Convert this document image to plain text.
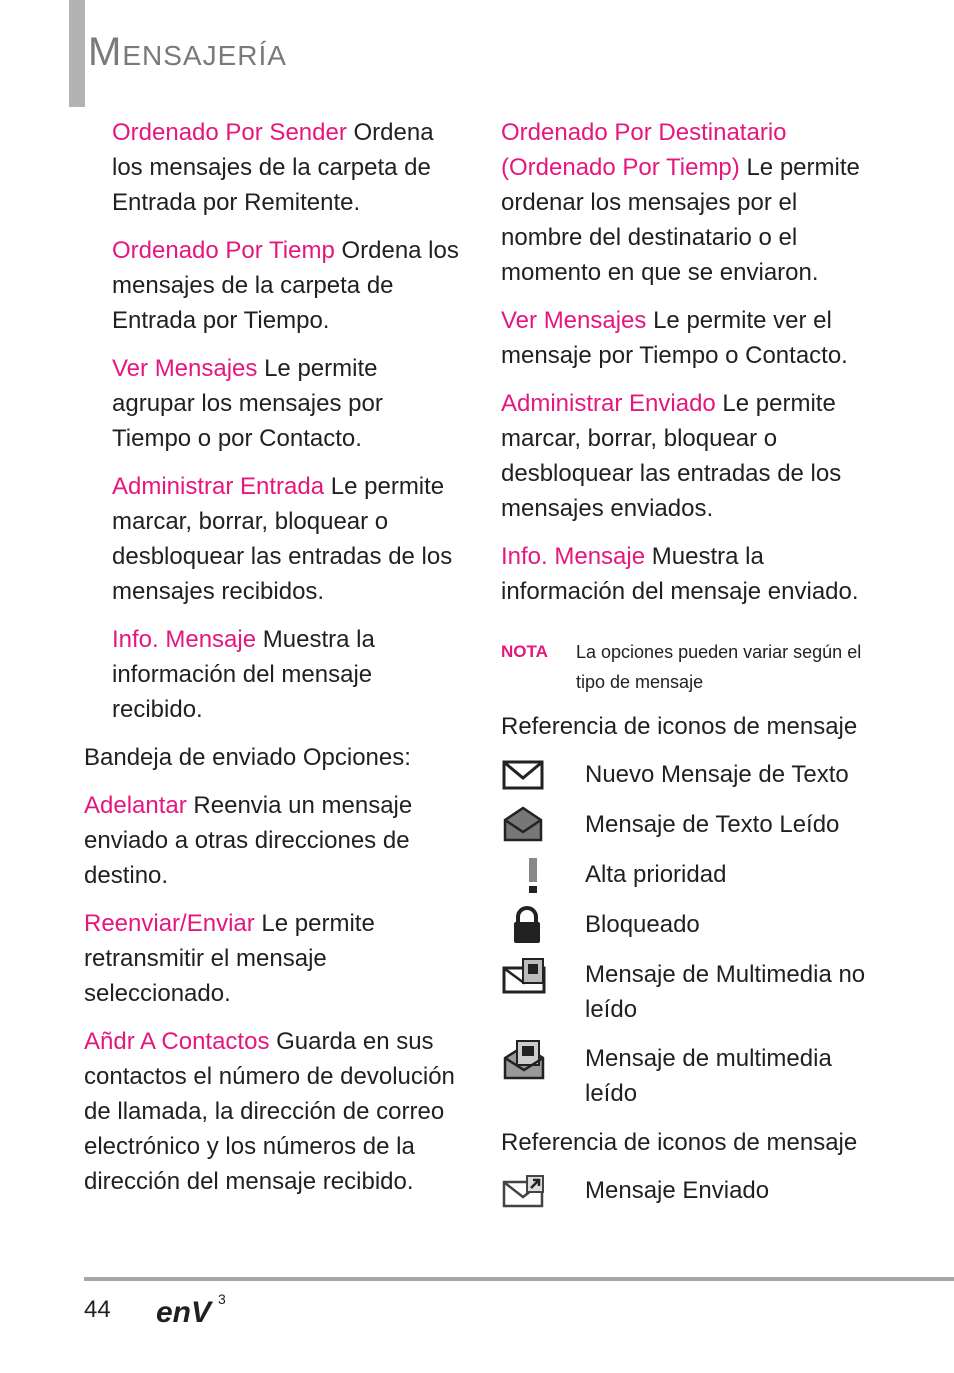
Mensajería

Ordenado Por Sender Ordena los mensajes de la carpeta de Entrada por Remitente.

Ordenado Por Tiemp Ordena los mensajes de la carpeta de Entrada por Tiempo.

Ver Mensajes Le permite agrupar los mensajes por Tiempo o por Contacto.

Administrar Entrada Le permite marcar, borrar, bloquear o desbloquear las entradas de los mensajes recibidos.

Info. Mensaje Muestra la información del mensaje recibido.

Bandeja de enviado Opciones:

Adelantar Reenvia un mensaje enviado a otras direcciones de destino.

Reenviar/Enviar Le permite retransmitir el mensaje seleccionado.

Añdr A Contactos Guarda en sus contactos el número de devolución de llamada, la dirección de correo electrónico y los números de la dirección del mensaje recibido.

Ordenado Por Destinatario (Ordenado Por Tiemp) Le permite ordenar los mensajes por el nombre del destinatario o el momento en que se enviaron.

Ver Mensajes Le permite ver el mensaje por Tiempo o Contacto.

Administrar Enviado Le permite marcar, borrar, bloquear o desbloquear las entradas de los mensajes enviados.

Info. Mensaje Muestra la información del mensaje enviado.

NOTA	La opciones pueden variar según el tipo de mensaje

Referencia de iconos de mensaje

Nuevo Mensaje de Texto
Mensaje de Texto Leído
Alta prioridad
Bloqueado
Mensaje de Multimedia no leído
Mensaje de multimedia leído

Referencia de iconos de mensaje

Mensaje Enviado
44 enV 3
